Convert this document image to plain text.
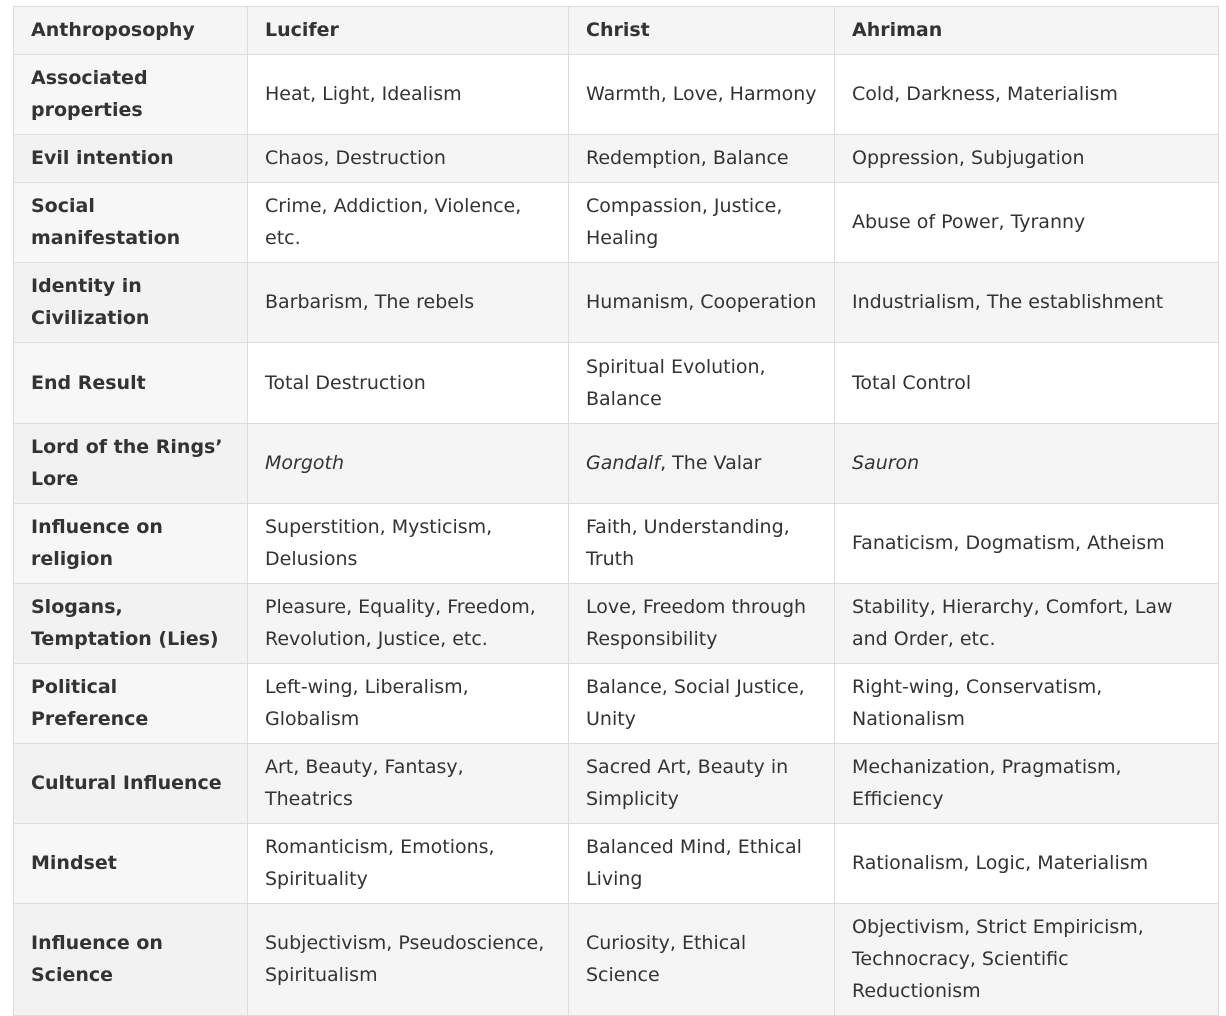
Anthroposophy	Lucifer	Christ	Ahriman
Associated properties	Heat, Light, Idealism	Warmth, Love, Harmony	Cold, Darkness, Materialism
Evil intention	Chaos, Destruction	Redemption, Balance	Oppression, Subjugation
Social manifestation	Crime, Addiction, Violence, etc.	Compassion, Justice, Healing	Abuse of Power, Tyranny
Identity in Civilization	Barbarism, The rebels	Humanism, Cooperation	Industrialism, The establishment
End Result	Total Destruction	Spiritual Evolution, Balance	Total Control
Lord of the Rings’ Lore	Morgoth	Gandalf, The Valar	Sauron
Influence on religion	Superstition, Mysticism, Delusions	Faith, Understanding, Truth	Fanaticism, Dogmatism, Atheism
Slogans, Temptation (Lies)	Pleasure, Equality, Freedom, Revolution, Justice, etc.	Love, Freedom through Responsibility	Stability, Hierarchy, Comfort, Law and Order, etc.
Political Preference	Left-wing, Liberalism, Globalism	Balance, Social Justice, Unity	Right-wing, Conservatism, Nationalism
Cultural Influence	Art, Beauty, Fantasy, Theatrics	Sacred Art, Beauty in Simplicity	Mechanization, Pragmatism, Efficiency
Mindset	Romanticism, Emotions, Spirituality	Balanced Mind, Ethical Living	Rationalism, Logic, Materialism
Influence on Science	Subjectivism, Pseudoscience, Spiritualism	Curiosity, Ethical Science	Objectivism, Strict Empiricism, Technocracy, Scientific Reductionism
